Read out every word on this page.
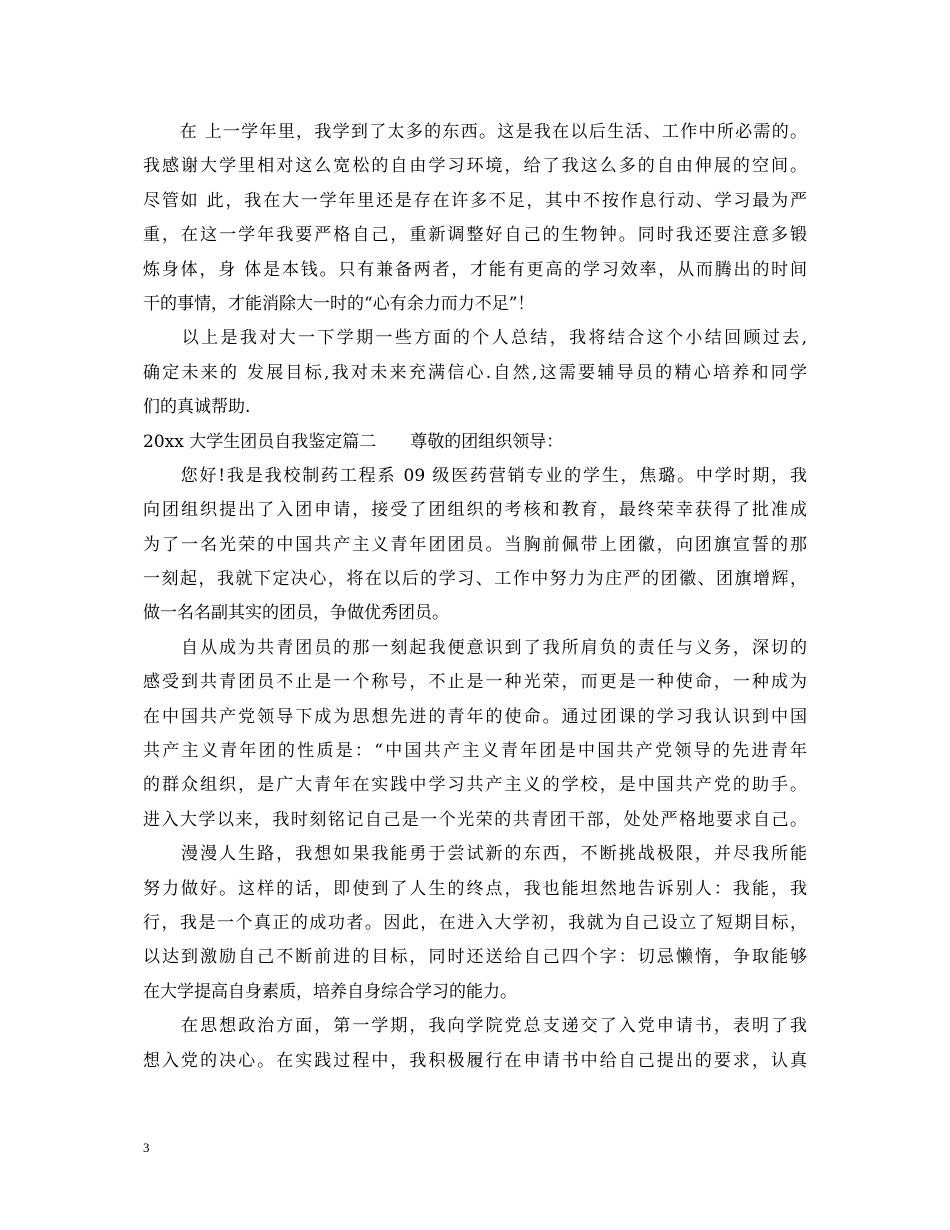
　　在 上一学年里，我学到了太多的东西。这是我在以后生活、工作中所必需的。
我感谢大学里相对这么宽松的自由学习环境，给了我这么多的自由伸展的空间。
尽管如 此，我在大一学年里还是存在许多不足，其中不按作息行动、学习最为严
重，在这一学年我要严格自己，重新调整好自己的生物钟。同时我还要注意多锻
炼身体，身 体是本钱。只有兼备两者，才能有更高的学习效率，从而腾出的时间
干的事情，才能消除大一时的“心有余力而力不足”！
　　以上是我对大一下学期一些方面的个人总结，我将结合这个小结回顾过去,
确定未来的 发展目标,我对未来充满信心.自然,这需要辅导员的精心培养和同学
们的真诚帮助.
20xx 大学生团员自我鉴定篇二　　尊敬的团组织领导：
　　您好!我是我校制药工程系 09 级医药营销专业的学生，焦璐。中学时期，我
向团组织提出了入团申请，接受了团组织的考核和教育，最终荣幸获得了批准成
为了一名光荣的中国共产主义青年团团员。当胸前佩带上团徽，向团旗宣誓的那
一刻起，我就下定决心，将在以后的学习、工作中努力为庄严的团徽、团旗增辉，
做一名名副其实的团员，争做优秀团员。
　　自从成为共青团员的那一刻起我便意识到了我所肩负的责任与义务，深切的
感受到共青团员不止是一个称号，不止是一种光荣，而更是一种使命，一种成为
在中国共产党领导下成为思想先进的青年的使命。通过团课的学习我认识到中国
共产主义青年团的性质是：“中国共产主义青年团是中国共产党领导的先进青年
的群众组织，是广大青年在实践中学习共产主义的学校，是中国共产党的助手。
进入大学以来，我时刻铭记自己是一个光荣的共青团干部，处处严格地要求自己。
　　漫漫人生路，我想如果我能勇于尝试新的东西，不断挑战极限，并尽我所能
努力做好。这样的话，即使到了人生的终点，我也能坦然地告诉别人：我能，我
行，我是一个真正的成功者。因此，在进入大学初，我就为自己设立了短期目标，
以达到激励自己不断前进的目标，同时还送给自己四个字：切忌懒惰，争取能够
在大学提高自身素质，培养自身综合学习的能力。
　　在思想政治方面，第一学期，我向学院党总支递交了入党申请书，表明了我
想入党的决心。在实践过程中，我积极履行在申请书中给自己提出的要求，认真
3
